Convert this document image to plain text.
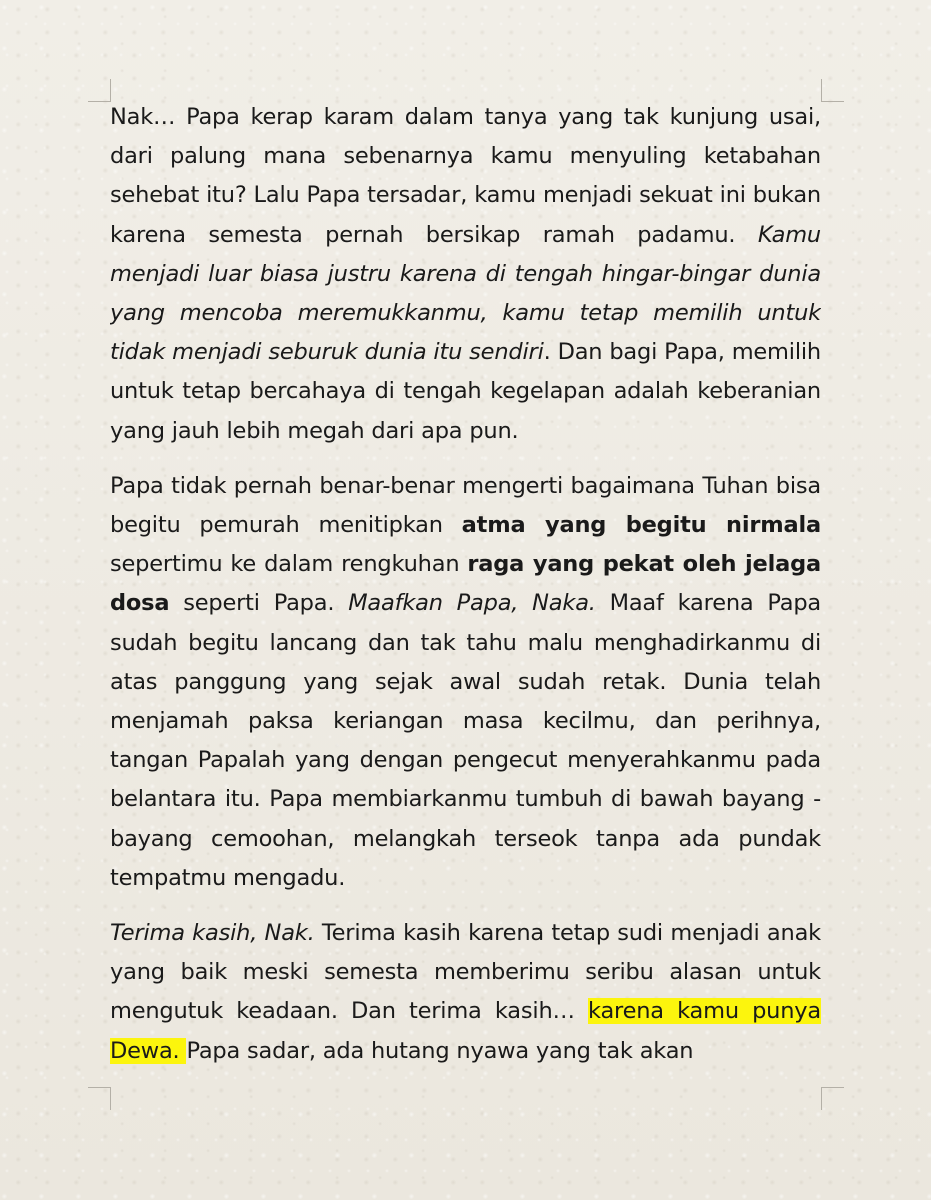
Nak… Papa kerap karam dalam tanya yang tak kunjung usai, dari palung mana sebenarnya kamu menyuling ketabahan sehebat itu? Lalu Papa tersadar, kamu menjadi sekuat ini bukan karena semesta pernah bersikap ramah padamu. Kamu menjadi luar biasa justru karena di tengah hingar-bingar dunia yang mencoba meremukkanmu, kamu tetap memilih untuk tidak menjadi seburuk dunia itu sendiri. Dan bagi Papa, memilih untuk tetap bercahaya di tengah kegelapan adalah keberanian yang jauh lebih megah dari apa pun.

Papa tidak pernah benar-benar mengerti bagaimana Tuhan bisa begitu pemurah menitipkan atma yang begitu nirmala sepertimu ke dalam rengkuhan raga yang pekat oleh jelaga dosa seperti Papa. Maafkan Papa, Naka. Maaf karena Papa sudah begitu lancang dan tak tahu malu menghadirkanmu di atas panggung yang sejak awal sudah retak. Dunia telah menjamah paksa keriangan masa kecilmu, dan perihnya, tangan Papalah yang dengan pengecut menyerahkanmu pada belantara itu. Papa membiarkanmu tumbuh di bawah bayang -bayang cemoohan, melangkah terseok tanpa ada pundak tempatmu mengadu.

Terima kasih, Nak. Terima kasih karena tetap sudi menjadi anak yang baik meski semesta memberimu seribu alasan untuk mengutuk keadaan. Dan terima kasih… karena kamu punya Dewa. Papa sadar, ada hutang nyawa yang tak akan
